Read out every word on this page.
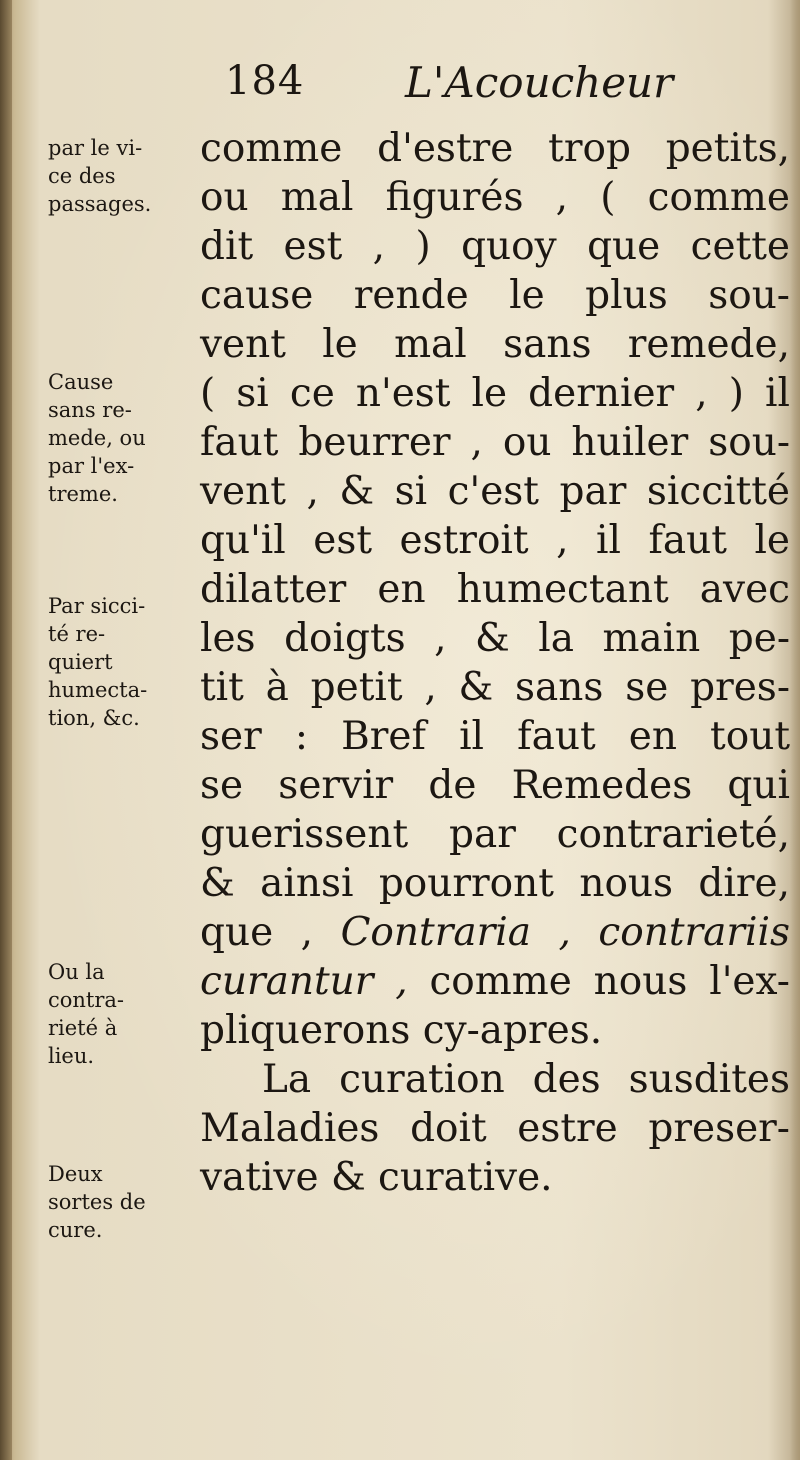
184 L'Acoucheur
par le vi-
ce des
passages.
Cause
sans re-
mede, ou
par l'ex-
treme.
Par sicci-
té re-
quiert
humecta-
tion, &c.
Ou la
contra-
rieté à
lieu.
Deux
sortes de
cure.
comme d'estre trop petits,
ou mal figurés , ( comme
dit est , ) quoy que cette
cause rende le plus sou-
vent le mal sans remede,
( si ce n'est le dernier , ) il
faut beurrer , ou huiler sou-
vent , & si c'est par siccitté
qu'il est estroit , il faut le
dilatter en humectant avec
les doigts , & la main pe-
tit à petit , & sans se pres-
ser : Bref il faut en tout
se servir de Remedes qui
guerissent par contrarieté,
& ainsi pourront nous dire,
que , Contraria , contrariis
curantur , comme nous l'ex-
pliquerons cy-apres.
La curation des susdites
Maladies doit estre preser-
vative & curative.
